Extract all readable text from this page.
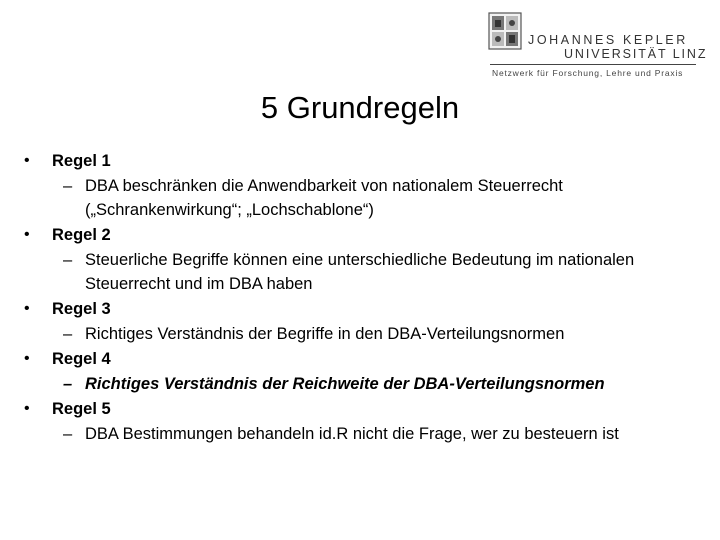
JOHANNES KEPLER
UNIVERSITÄT LINZ
Netzwerk für Forschung, Lehre und Praxis
5 Grundregeln
•	Regel 1
– DBA beschränken die Anwendbarkeit von nationalem Steuerrecht
(„Schrankenwirkung“; „Lochschablone“)
•	Regel 2
– Steuerliche Begriffe können eine unterschiedliche Bedeutung im nationalen
Steuerrecht und im DBA haben
•	Regel 3
– Richtiges Verständnis der Begriffe in den DBA-Verteilungsnormen
•	Regel 4
– Richtiges Verständnis der Reichweite der DBA-Verteilungsnormen
•	Regel 5
– DBA Bestimmungen behandeln id.R nicht die Frage, wer zu besteuern ist
